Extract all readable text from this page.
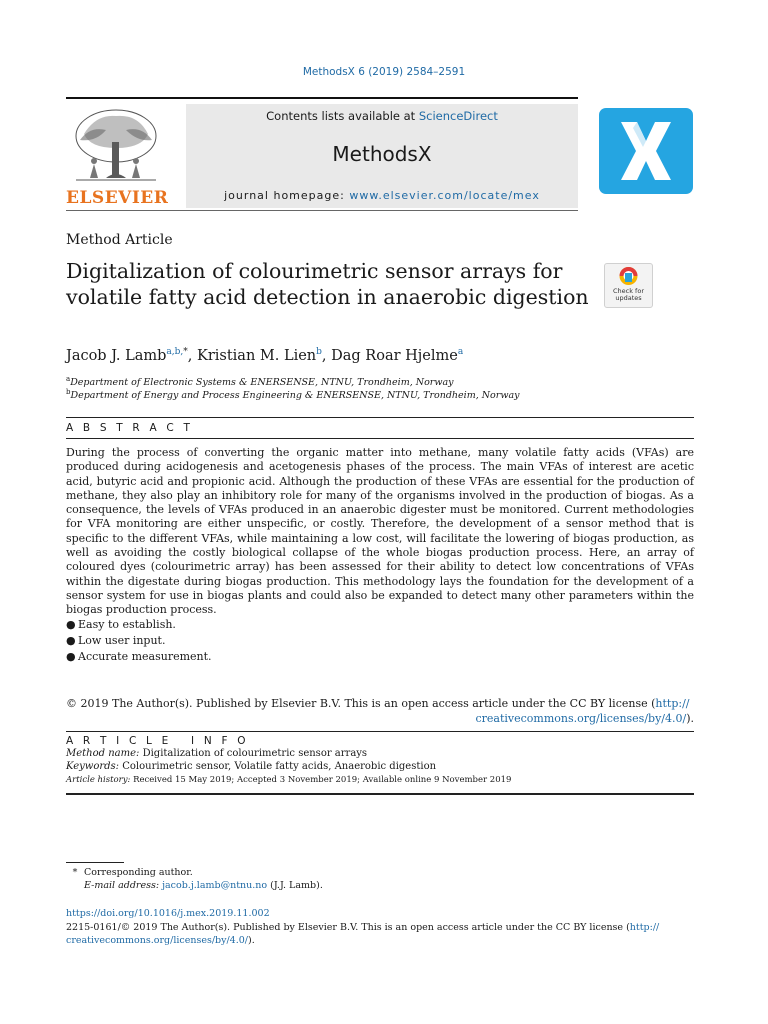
MethodsX 6 (2019) 2584–2591
ELSEVIER
Contents lists available at ScienceDirect
MethodsX
journal homepage: www.elsevier.com/locate/mex
Method Article
Digitalization of colourimetric sensor arrays for volatile fatty acid detection in anaerobic digestion	Check for updates
Jacob J. Lamb$^{a,b,*}$, Kristian M. Lien$^b$, Dag Roar Hjelme$^a$
$^a$Department of Electronic Systems & ENERSENSE, NTNU, Trondheim, Norway
$^b$Department of Energy and Process Engineering & ENERSENSE, NTNU, Trondheim, Norway
A B S T R A C T
During the process of converting the organic matter into methane, many volatile fatty acids (VFAs) are produced during acidogenesis and acetogenesis phases of the process. The main VFAs of interest are acetic acid, butyric acid and propionic acid. Although the production of these VFAs are essential for the production of methane, they also play an inhibitory role for many of the organisms involved in the production of biogas. As a consequence, the levels of VFAs produced in an anaerobic digester must be monitored. Current methodologies for VFA monitoring are either unspecific, or costly. Therefore, the development of a sensor method that is specific to the different VFAs, while maintaining a low cost, will facilitate the lowering of biogas production, as well as avoiding the costly biological collapse of the whole biogas production process. Here, an array of coloured dyes (colourimetric array) has been assessed for their ability to detect low concentrations of VFAs within the digestate during biogas production. This methodology lays the foundation for the development of a sensor system for use in biogas plants and could also be expanded to detect many other parameters within the biogas production process.
● Easy to establish.
● Low user input.
● Accurate measurement.
© 2019 The Author(s). Published by Elsevier B.V. This is an open access article under the CC BY license (http://
creativecommons.org/licenses/by/4.0/).
A R T I C L E   I N F O
Method name: Digitalization of colourimetric sensor arrays
Keywords: Colourimetric sensor, Volatile fatty acids, Anaerobic digestion
Article history: Received 15 May 2019; Accepted 3 November 2019; Available online 9 November 2019
* Corresponding author.
E-mail address: jacob.j.lamb@ntnu.no (J.J. Lamb).
https://doi.org/10.1016/j.mex.2019.11.002
2215-0161/© 2019 The Author(s). Published by Elsevier B.V. This is an open access article under the CC BY license (http://
creativecommons.org/licenses/by/4.0/).
